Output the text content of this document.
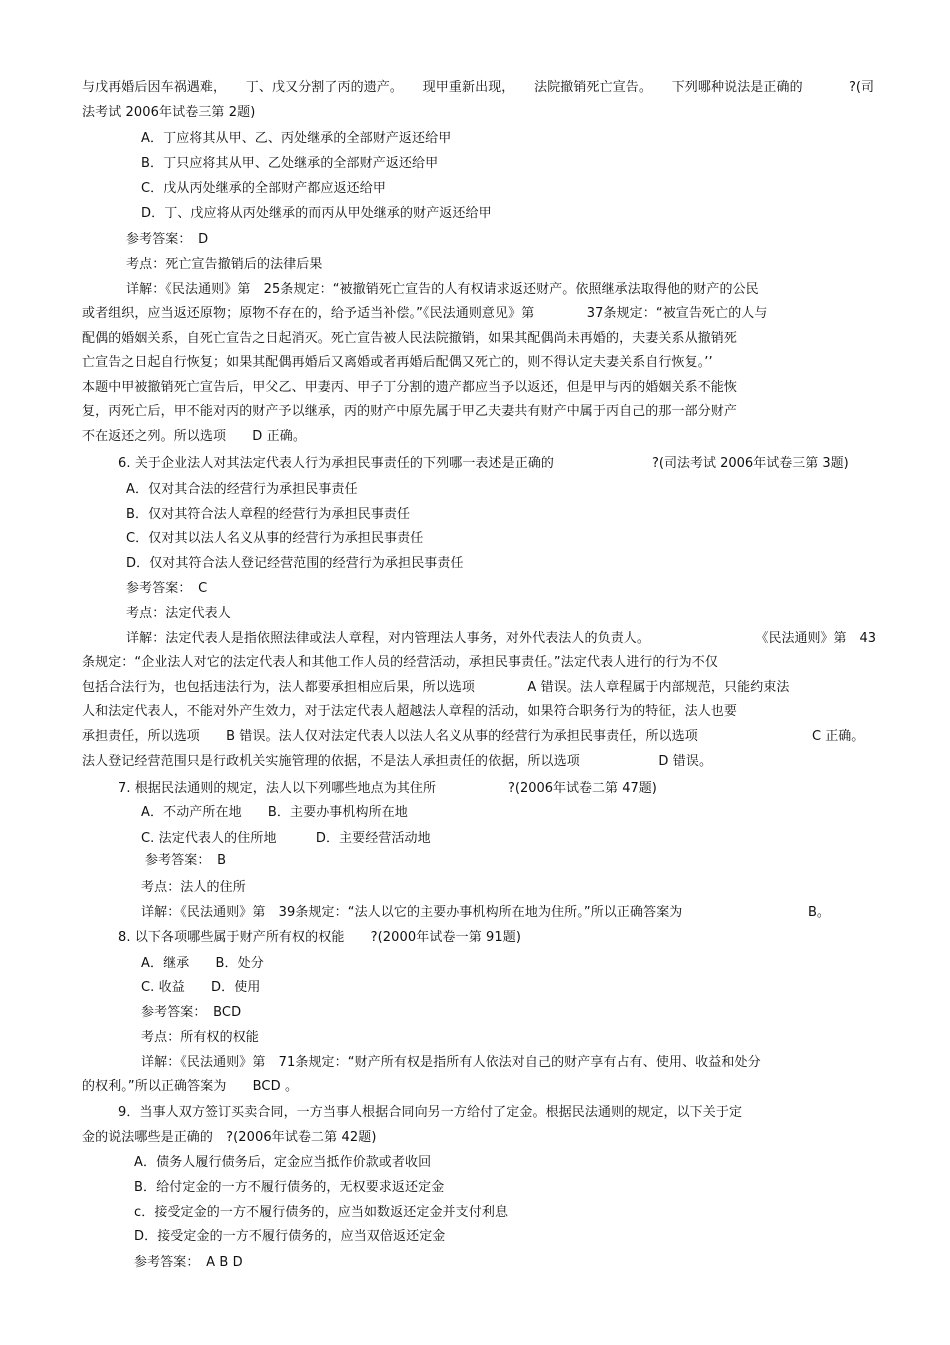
与戊再婚后因车祸遇难，　　丁、戊又分割了丙的遗产。　　现甲重新出现，　　法院撤销死亡宣告。　　下列哪种说法是正确的	?(司
法考试 2006年试卷三第 2题)
A．丁应将其从甲、乙、丙处继承的全部财产返还给甲
B．丁只应将其从甲、乙处继承的全部财产返还给甲
C．戊从丙处继承的全部财产都应返还给甲
D．丁、戊应将从丙处继承的而丙从甲处继承的财产返还给甲
参考答案：　D
考点：死亡宣告撤销后的法律后果
详解：《民法通则》第　25条规定：“被撤销死亡宣告的人有权请求返还财产。依照继承法取得他的财产的公民
或者组织，应当返还原物；原物不存在的，给予适当补偿。”《民法通则意见》第　　　　37条规定：“被宣告死亡的人与
配偶的婚姻关系，自死亡宣告之日起消灭。死亡宣告被人民法院撤销，如果其配偶尚未再婚的，夫妻关系从撤销死
亡宣告之日起自行恢复；如果其配偶再婚后又离婚或者再婚后配偶又死亡的，则不得认定夫妻关系自行恢复。’’
本题中甲被撤销死亡宣告后，甲父乙、甲妻丙、甲子丁分割的遗产都应当予以返还，但是甲与丙的婚姻关系不能恢
复，丙死亡后，甲不能对丙的财产予以继承，丙的财产中原先属于甲乙夫妻共有财产中属于丙自己的那一部分财产
不在返还之列。所以选项　　D 正确。
6. 关于企业法人对其法定代表人行为承担民事责任的下列哪一表述是正确的	?(司法考试 2006年试卷三第 3题)
A．仅对其合法的经营行为承担民事责任
B．仅对其符合法人章程的经营行为承担民事责任
C．仅对其以法人名义从事的经营行为承担民事责任
D．仅对其符合法人登记经营范围的经营行为承担民事责任
参考答案：　C
考点：法定代表人
详解：法定代表人是指依照法律或法人章程，对内管理法人事务，对外代表法人的负责人。	《民法通则》第　43
条规定：“企业法人对它的法定代表人和其他工作人员的经营活动，承担民事责任。”法定代表人进行的行为不仅
包括合法行为，也包括违法行为，法人都要承担相应后果，所以选项　　　　A 错误。法人章程属于内部规范，只能约束法
人和法定代表人，不能对外产生效力，对于法定代表人超越法人章程的活动，如果符合职务行为的特征，法人也要
承担责任，所以选项　　B 错误。法人仅对法定代表人以法人名义从事的经营行为承担民事责任，所以选项	C 正确。
法人登记经营范围只是行政机关实施管理的依据，不是法人承担责任的依据，所以选项　　　　　　D 错误。
7. 根据民法通则的规定，法人以下列哪些地点为其住所	?(2006年试卷二第 47题)
A．不动产所在地　　B．主要办事机构所在地
C. 法定代表人的住所地　　　D．主要经营活动地
参考答案：　B
考点：法人的住所
详解：《民法通则》第　39条规定：“法人以它的主要办事机构所在地为住所。”所以正确答案为	B。
8. 以下各项哪些属于财产所有权的权能　　?(2000年试卷一第 91题)
A．继承　　B．处分
C. 收益　　D．使用
参考答案：　BCD
考点：所有权的权能
详解：《民法通则》第　71条规定：“财产所有权是指所有人依法对自己的财产享有占有、使用、收益和处分
的权利。”所以正确答案为　　BCD 。
9．当事人双方签订买卖合同，一方当事人根据合同向另一方给付了定金。根据民法通则的规定，以下关于定
金的说法哪些是正确的　?(2006年试卷二第 42题)
A．债务人履行债务后，定金应当抵作价款或者收回
B．给付定金的一方不履行债务的，无权要求返还定金
c．接受定金的一方不履行债务的，应当如数返还定金并支付利息
D．接受定金的一方不履行债务的，应当双倍返还定金
参考答案：　A B D
